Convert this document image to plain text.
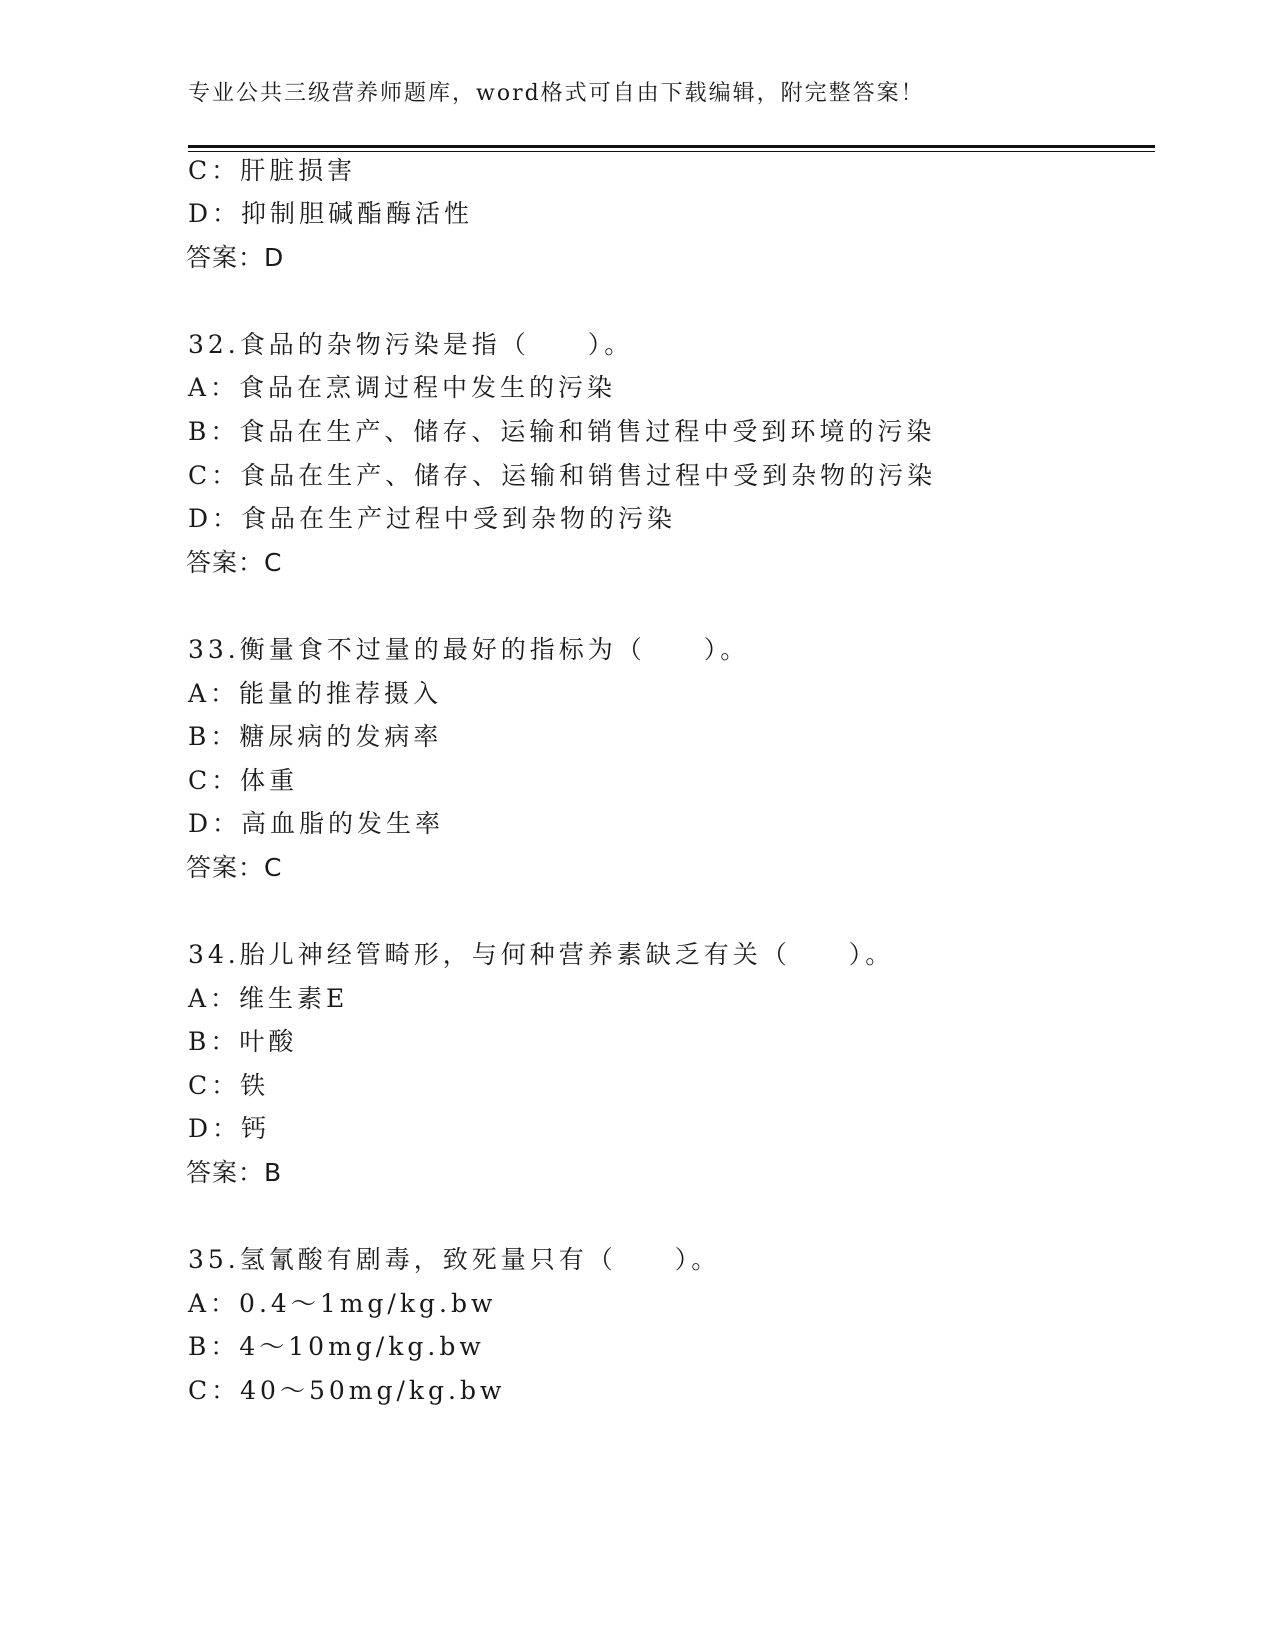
专业公共三级营养师题库，word格式可自由下载编辑，附完整答案！
C：肝脏损害
D：抑制胆碱酯酶活性
答案：D
32.食品的杂物污染是指（　　）。
A：食品在烹调过程中发生的污染
B：食品在生产、储存、运输和销售过程中受到环境的污染
C：食品在生产、储存、运输和销售过程中受到杂物的污染
D：食品在生产过程中受到杂物的污染
答案：C
33.衡量食不过量的最好的指标为（　　）。
A：能量的推荐摄入
B：糖尿病的发病率
C：体重
D：高血脂的发生率
答案：C
34.胎儿神经管畸形，与何种营养素缺乏有关（　　）。
A：维生素E
B：叶酸
C：铁
D：钙
答案：B
35.氢氰酸有剧毒，致死量只有（　　）。
A：0.4～1mg/kg.bw
B：4～10mg/kg.bw
C：40～50mg/kg.bw
